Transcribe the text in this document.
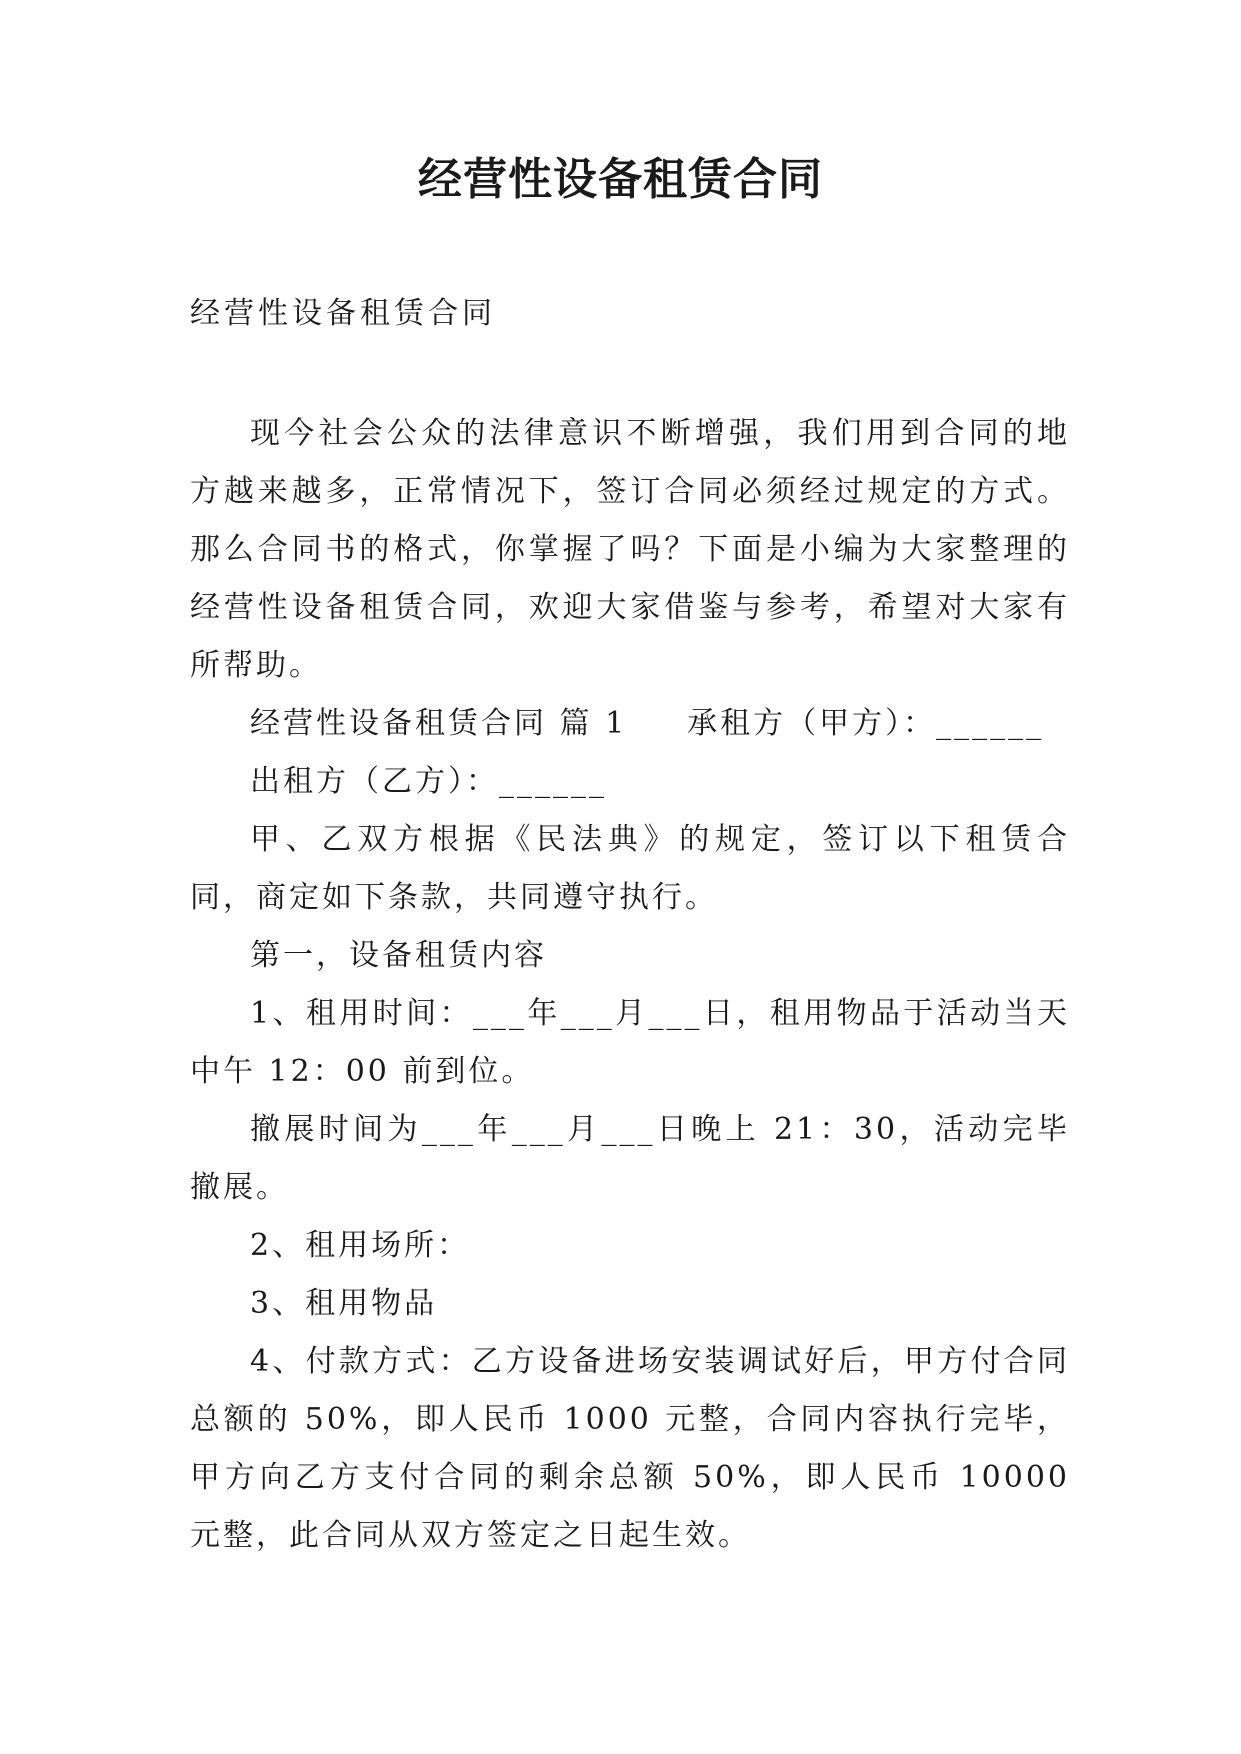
经营性设备租赁合同

经营性设备租赁合同

现今社会公众的法律意识不断增强，我们用到合同的地方越来越多，正常情况下，签订合同必须经过规定的方式。那么合同书的格式，你掌握了吗？下面是小编为大家整理的经营性设备租赁合同，欢迎大家借鉴与参考，希望对大家有所帮助。

经营性设备租赁合同 篇 1 承租方（甲方）：______

出租方（乙方）：______

甲、乙双方根据《民法典》的规定，签订以下租赁合同，商定如下条款，共同遵守执行。

第一，设备租赁内容

1、租用时间：___年___月___日，租用物品于活动当天中午 12：00 前到位。

撤展时间为___年___月___日晚上 21：30，活动完毕撤展。

2、租用场所：

3、租用物品

4、付款方式：乙方设备进场安装调试好后，甲方付合同总额的 50%，即人民币 1000 元整，合同内容执行完毕，甲方向乙方支付合同的剩余总额 50%，即人民币 10000 元整，此合同从双方签定之日起生效。
